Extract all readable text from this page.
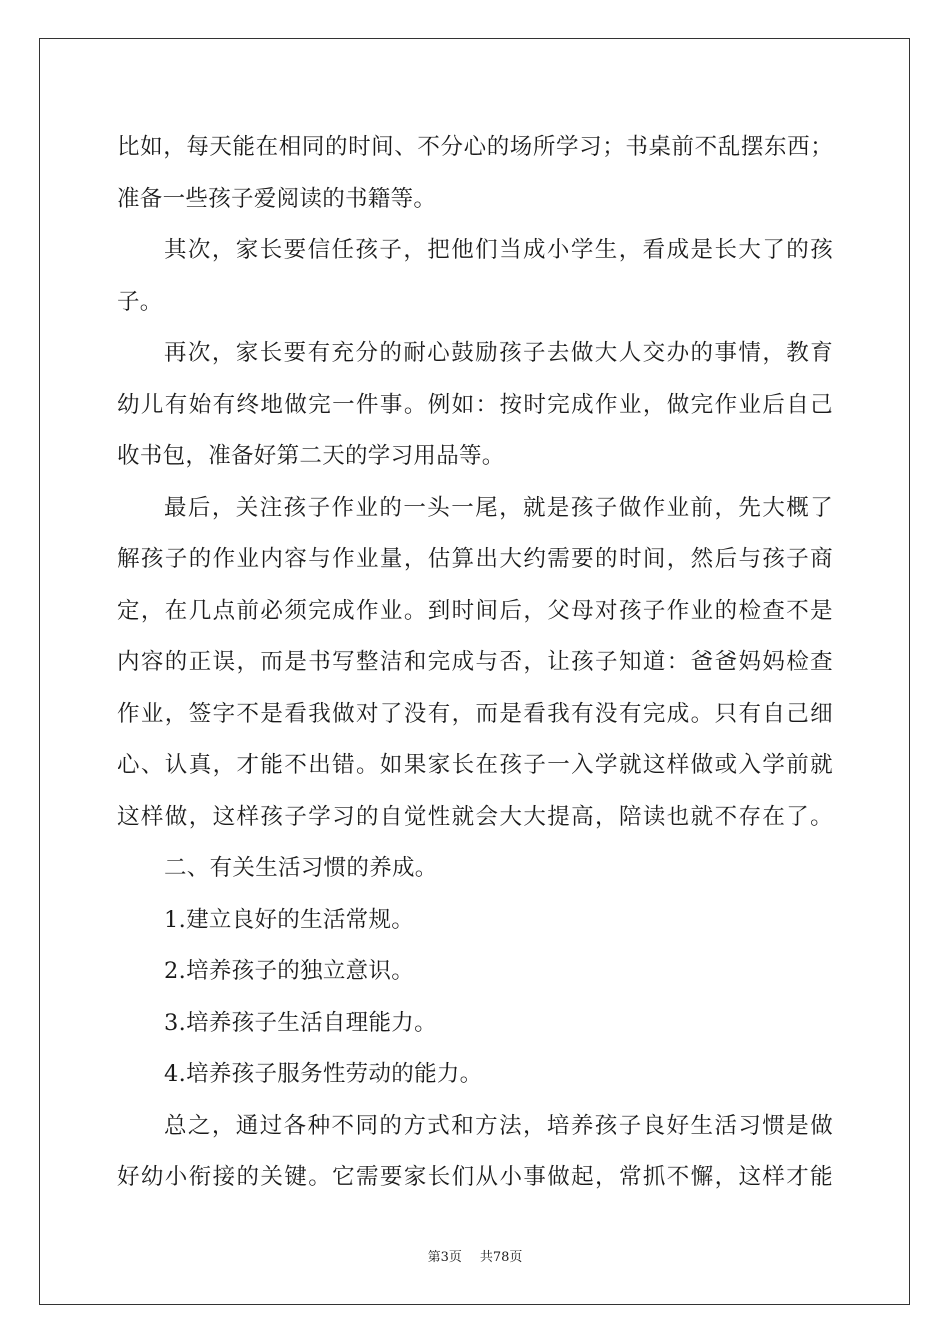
比如，每天能在相同的时间、不分心的场所学习；书桌前不乱摆东西；
准备一些孩子爱阅读的书籍等。
其次，家长要信任孩子，把他们当成小学生，看成是长大了的孩
子。
再次，家长要有充分的耐心鼓励孩子去做大人交办的事情，教育
幼儿有始有终地做完一件事。例如：按时完成作业，做完作业后自己
收书包，准备好第二天的学习用品等。
最后，关注孩子作业的一头一尾，就是孩子做作业前，先大概了
解孩子的作业内容与作业量，估算出大约需要的时间，然后与孩子商
定，在几点前必须完成作业。到时间后，父母对孩子作业的检查不是
内容的正误，而是书写整洁和完成与否，让孩子知道：爸爸妈妈检查
作业，签字不是看我做对了没有，而是看我有没有完成。只有自己细
心、认真，才能不出错。如果家长在孩子一入学就这样做或入学前就
这样做，这样孩子学习的自觉性就会大大提高，陪读也就不存在了。
二、有关生活习惯的养成。
1.建立良好的生活常规。
2.培养孩子的独立意识。
3.培养孩子生活自理能力。
4.培养孩子服务性劳动的能力。
总之，通过各种不同的方式和方法，培养孩子良好生活习惯是做
好幼小衔接的关键。它需要家长们从小事做起，常抓不懈，这样才能
第3页 共78页
